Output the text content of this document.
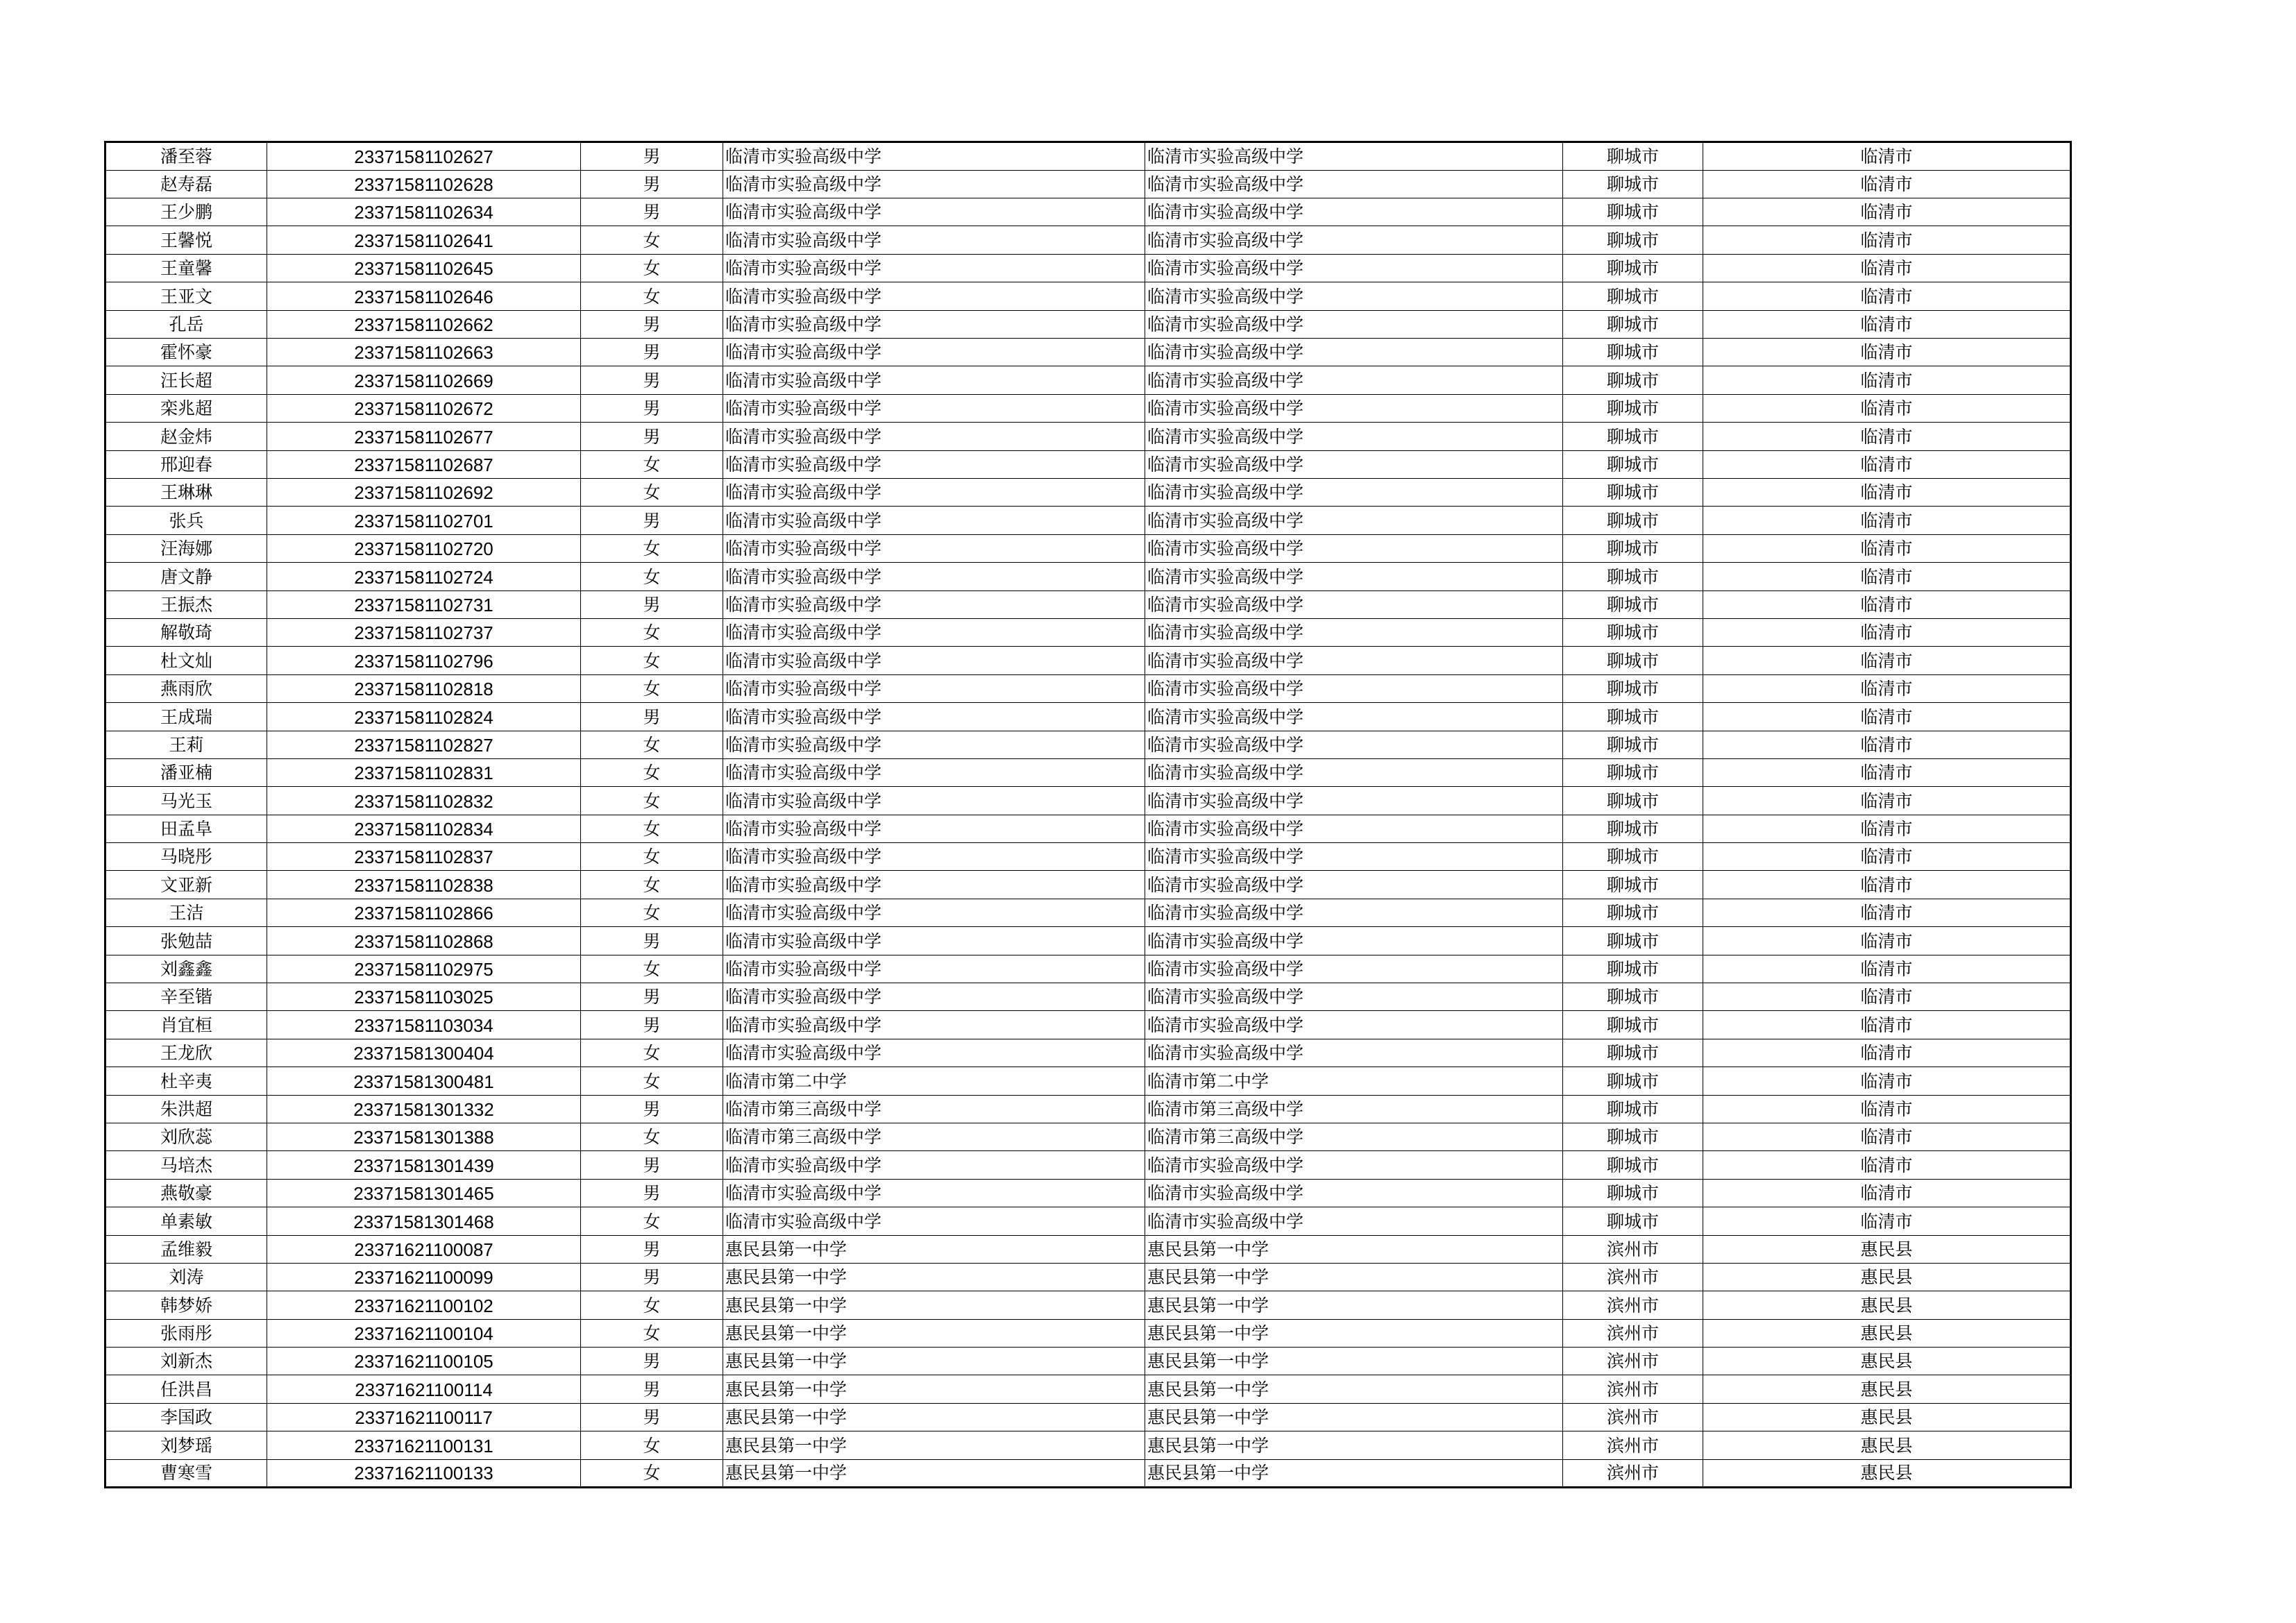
潘至蓉	23371581102627	男	临清市实验高级中学	临清市实验高级中学	聊城市	临清市
赵寿磊	23371581102628	男	临清市实验高级中学	临清市实验高级中学	聊城市	临清市
王少鹏	23371581102634	男	临清市实验高级中学	临清市实验高级中学	聊城市	临清市
王馨悦	23371581102641	女	临清市实验高级中学	临清市实验高级中学	聊城市	临清市
王童馨	23371581102645	女	临清市实验高级中学	临清市实验高级中学	聊城市	临清市
王亚文	23371581102646	女	临清市实验高级中学	临清市实验高级中学	聊城市	临清市
孔岳	23371581102662	男	临清市实验高级中学	临清市实验高级中学	聊城市	临清市
霍怀豪	23371581102663	男	临清市实验高级中学	临清市实验高级中学	聊城市	临清市
汪长超	23371581102669	男	临清市实验高级中学	临清市实验高级中学	聊城市	临清市
栾兆超	23371581102672	男	临清市实验高级中学	临清市实验高级中学	聊城市	临清市
赵金炜	23371581102677	男	临清市实验高级中学	临清市实验高级中学	聊城市	临清市
邢迎春	23371581102687	女	临清市实验高级中学	临清市实验高级中学	聊城市	临清市
王琳琳	23371581102692	女	临清市实验高级中学	临清市实验高级中学	聊城市	临清市
张兵	23371581102701	男	临清市实验高级中学	临清市实验高级中学	聊城市	临清市
汪海娜	23371581102720	女	临清市实验高级中学	临清市实验高级中学	聊城市	临清市
唐文静	23371581102724	女	临清市实验高级中学	临清市实验高级中学	聊城市	临清市
王振杰	23371581102731	男	临清市实验高级中学	临清市实验高级中学	聊城市	临清市
解敬琦	23371581102737	女	临清市实验高级中学	临清市实验高级中学	聊城市	临清市
杜文灿	23371581102796	女	临清市实验高级中学	临清市实验高级中学	聊城市	临清市
燕雨欣	23371581102818	女	临清市实验高级中学	临清市实验高级中学	聊城市	临清市
王成瑞	23371581102824	男	临清市实验高级中学	临清市实验高级中学	聊城市	临清市
王莉	23371581102827	女	临清市实验高级中学	临清市实验高级中学	聊城市	临清市
潘亚楠	23371581102831	女	临清市实验高级中学	临清市实验高级中学	聊城市	临清市
马光玉	23371581102832	女	临清市实验高级中学	临清市实验高级中学	聊城市	临清市
田孟阜	23371581102834	女	临清市实验高级中学	临清市实验高级中学	聊城市	临清市
马晓彤	23371581102837	女	临清市实验高级中学	临清市实验高级中学	聊城市	临清市
文亚新	23371581102838	女	临清市实验高级中学	临清市实验高级中学	聊城市	临清市
王洁	23371581102866	女	临清市实验高级中学	临清市实验高级中学	聊城市	临清市
张勉喆	23371581102868	男	临清市实验高级中学	临清市实验高级中学	聊城市	临清市
刘鑫鑫	23371581102975	女	临清市实验高级中学	临清市实验高级中学	聊城市	临清市
辛至锴	23371581103025	男	临清市实验高级中学	临清市实验高级中学	聊城市	临清市
肖宜桓	23371581103034	男	临清市实验高级中学	临清市实验高级中学	聊城市	临清市
王龙欣	23371581300404	女	临清市实验高级中学	临清市实验高级中学	聊城市	临清市
杜辛夷	23371581300481	女	临清市第二中学	临清市第二中学	聊城市	临清市
朱洪超	23371581301332	男	临清市第三高级中学	临清市第三高级中学	聊城市	临清市
刘欣蕊	23371581301388	女	临清市第三高级中学	临清市第三高级中学	聊城市	临清市
马培杰	23371581301439	男	临清市实验高级中学	临清市实验高级中学	聊城市	临清市
燕敬豪	23371581301465	男	临清市实验高级中学	临清市实验高级中学	聊城市	临清市
单素敏	23371581301468	女	临清市实验高级中学	临清市实验高级中学	聊城市	临清市
孟维毅	23371621100087	男	惠民县第一中学	惠民县第一中学	滨州市	惠民县
刘涛	23371621100099	男	惠民县第一中学	惠民县第一中学	滨州市	惠民县
韩梦娇	23371621100102	女	惠民县第一中学	惠民县第一中学	滨州市	惠民县
张雨彤	23371621100104	女	惠民县第一中学	惠民县第一中学	滨州市	惠民县
刘新杰	23371621100105	男	惠民县第一中学	惠民县第一中学	滨州市	惠民县
任洪昌	23371621100114	男	惠民县第一中学	惠民县第一中学	滨州市	惠民县
李国政	23371621100117	男	惠民县第一中学	惠民县第一中学	滨州市	惠民县
刘梦瑶	23371621100131	女	惠民县第一中学	惠民县第一中学	滨州市	惠民县
曹寒雪	23371621100133	女	惠民县第一中学	惠民县第一中学	滨州市	惠民县
